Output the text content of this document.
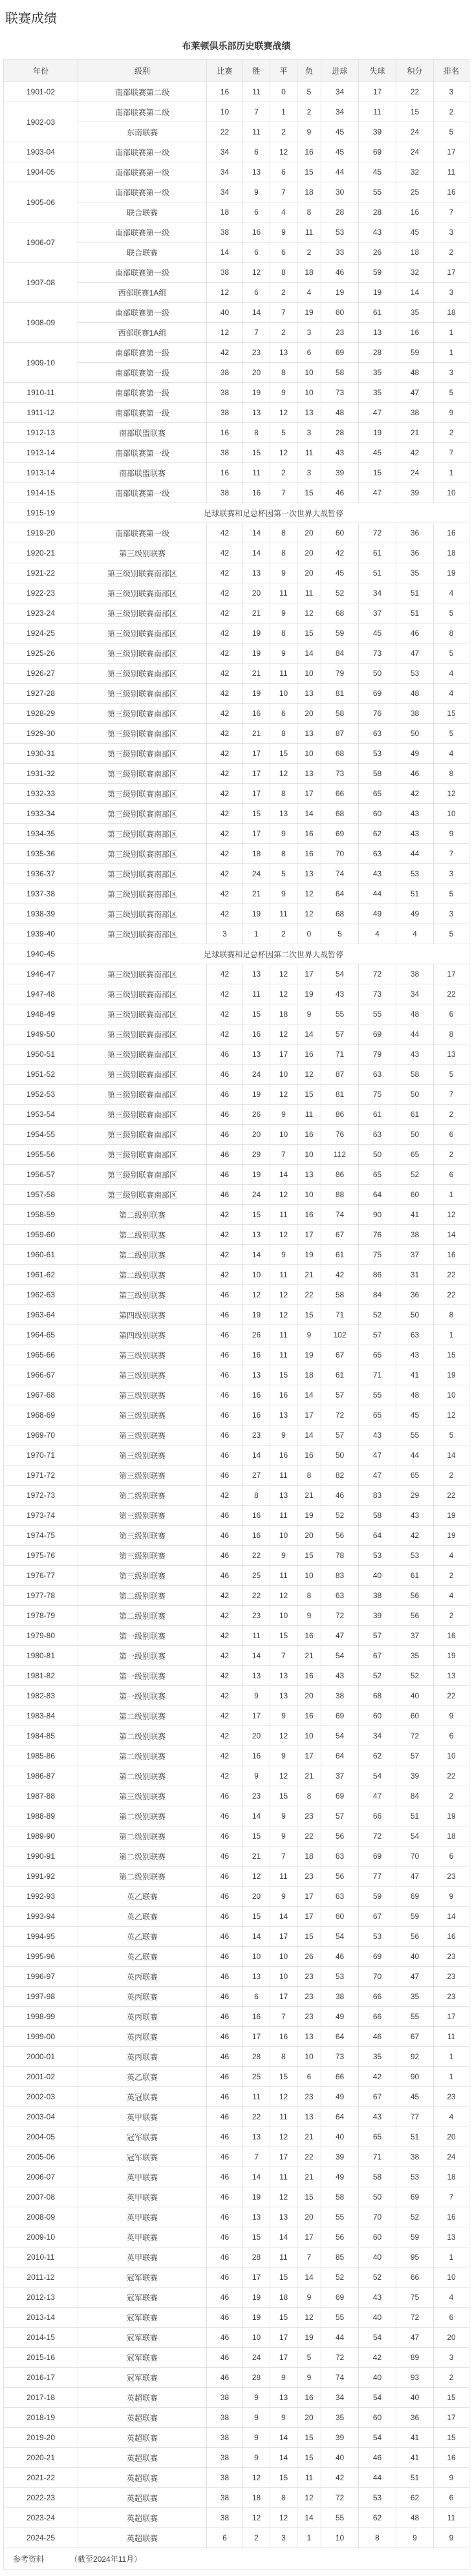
联赛成绩
布莱顿俱乐部历史联赛战绩
年份	级别	比赛	胜	平	负	进球	失球	积分	排名
1901-02	南部联赛第二级	16	11	0	5	34	17	22	3
1902-03	南部联赛第二级	10	7	1	2	34	11	15	2
	东南联赛	22	11	2	9	45	39	24	5
1903-04	南部联赛第一级	34	6	12	16	45	69	24	17
1904-05	南部联赛第一级	34	13	6	15	44	45	32	11
1905-06	南部联赛第一级	34	9	7	18	30	55	25	16
	联合联赛	18	6	4	8	28	28	16	7
1906-07	南部联赛第一级	38	16	9	11	53	43	45	3
	联合联赛	14	6	6	2	33	26	18	2
1907-08	南部联赛第一级	38	12	8	18	46	59	32	17
	西部联赛1A组	12	6	2	4	19	19	14	3
1908-09	南部联赛第一级	40	14	7	19	60	61	35	18
	西部联赛1A组	12	7	2	3	23	13	16	1
1909-10	南部联赛第一级	42	23	13	6	69	28	59	1
	南部联赛第一级	38	20	8	10	58	35	48	3
1910-11	南部联赛第一级	38	19	9	10	73	35	47	5
1911-12	南部联赛第一级	38	13	12	13	48	47	38	9
1912-13	南部联盟联赛	16	8	5	3	28	19	21	2
1913-14	南部联赛第一级	38	15	12	11	43	45	42	7
1913-14	南部联盟联赛	16	11	2	3	39	15	24	1
1914-15	南部联赛第一级	38	16	7	15	46	47	39	10
1915-19	足球联赛和足总杯因第一次世界大战暂停								
1919-20	南部联赛第一级	42	14	8	20	60	72	36	16
1920-21	第三级别联赛	42	14	8	20	42	61	36	18
1921-22	第三级别联赛南部区	42	13	9	20	45	51	35	19
1922-23	第三级别联赛南部区	42	20	11	11	52	34	51	4
1923-24	第三级别联赛南部区	42	21	9	12	68	37	51	5
1924-25	第三级别联赛南部区	42	19	8	15	59	45	46	8
1925-26	第三级别联赛南部区	42	19	9	14	84	73	47	5
1926-27	第三级别联赛南部区	42	21	11	10	79	50	53	4
1927-28	第三级别联赛南部区	42	19	10	13	81	69	48	4
1928-29	第三级别联赛南部区	42	16	6	20	58	76	38	15
1929-30	第三级别联赛南部区	42	21	8	13	87	63	50	5
1930-31	第三级别联赛南部区	42	17	15	10	68	53	49	4
1931-32	第三级别联赛南部区	42	17	12	13	73	58	46	8
1932-33	第三级别联赛南部区	42	17	8	17	66	65	42	12
1933-34	第三级别联赛南部区	42	15	13	14	68	60	43	10
1934-35	第三级别联赛南部区	42	17	9	16	69	62	43	9
1935-36	第三级别联赛南部区	42	18	8	16	70	63	44	7
1936-37	第三级别联赛南部区	42	24	5	13	74	43	53	3
1937-38	第三级别联赛南部区	42	21	9	12	64	44	51	5
1938-39	第三级别联赛南部区	42	19	11	12	68	49	49	3
1939-40	第三级别联赛南部区	3	1	2	0	5	4	4	5
1940-45	足球联赛和足总杯因第二次世界大战暂停								
1946-47	第三级别联赛南部区	42	13	12	17	54	72	38	17
1947-48	第三级别联赛南部区	42	11	12	19	43	73	34	22
1948-49	第三级别联赛南部区	42	15	18	9	55	55	48	6
1949-50	第三级别联赛南部区	42	16	12	14	57	69	44	8
1950-51	第三级别联赛南部区	46	13	17	16	71	79	43	13
1951-52	第三级别联赛南部区	46	24	10	12	87	63	58	5
1952-53	第三级别联赛南部区	46	19	12	15	81	75	50	7
1953-54	第三级别联赛南部区	46	26	9	11	86	61	61	2
1954-55	第三级别联赛南部区	46	20	10	16	76	63	50	6
1955-56	第三级别联赛南部区	46	29	7	10	112	50	65	2
1956-57	第三级别联赛南部区	46	19	14	13	86	65	52	6
1957-58	第三级别联赛南部区	46	24	12	10	88	64	60	1
1958-59	第二级别联赛	42	15	11	16	74	90	41	12
1959-60	第二级别联赛	42	13	12	17	67	76	38	14
1960-61	第二级别联赛	42	14	9	19	61	75	37	16
1961-62	第二级别联赛	42	10	11	21	42	86	31	22
1962-63	第三级别联赛	46	12	12	22	58	84	36	22
1963-64	第四级别联赛	46	19	12	15	71	52	50	8
1964-65	第四级别联赛	46	26	11	9	102	57	63	1
1965-66	第三级别联赛	46	16	11	19	67	65	43	15
1966-67	第三级别联赛	46	13	15	18	61	71	41	19
1967-68	第三级别联赛	46	16	16	14	57	55	48	10
1968-69	第三级别联赛	46	16	13	17	72	65	45	12
1969-70	第三级别联赛	46	23	9	14	57	43	55	5
1970-71	第三级别联赛	46	14	16	16	50	47	44	14
1971-72	第三级别联赛	46	27	11	8	82	47	65	2
1972-73	第二级别联赛	42	8	13	21	46	83	29	22
1973-74	第三级别联赛	46	16	11	19	52	58	43	19
1974-75	第三级别联赛	46	16	10	20	56	64	42	19
1975-76	第三级别联赛	46	22	9	15	78	53	53	4
1976-77	第三级别联赛	46	25	11	10	83	40	61	2
1977-78	第二级别联赛	42	22	12	8	63	38	56	4
1978-79	第二级别联赛	42	23	10	9	72	39	56	2
1979-80	第一级别联赛	42	11	15	16	47	57	37	16
1980-81	第一级别联赛	42	14	7	21	54	67	35	19
1981-82	第一级别联赛	42	13	13	16	43	52	52	13
1982-83	第一级别联赛	42	9	13	20	38	68	40	22
1983-84	第二级别联赛	42	17	9	16	69	60	60	9
1984-85	第二级别联赛	42	20	12	10	54	34	72	6
1985-86	第二级别联赛	42	16	9	17	64	62	57	10
1986-87	第二级别联赛	42	9	12	21	37	54	39	22
1987-88	第三级别联赛	46	23	15	8	69	47	84	2
1988-89	第二级别联赛	46	14	9	23	57	66	51	19
1989-90	第二级别联赛	46	15	9	22	56	72	54	18
1990-91	第二级别联赛	46	21	7	18	63	69	70	6
1991-92	第二级别联赛	46	12	11	23	56	77	47	23
1992-93	英乙联赛	46	20	9	17	63	59	69	9
1993-94	英乙联赛	46	15	14	17	60	67	59	14
1994-95	英乙联赛	46	14	17	15	54	53	56	16
1995-96	英乙联赛	46	10	10	26	46	69	40	23
1996-97	英丙联赛	46	13	10	23	53	70	47	23
1997-98	英丙联赛	46	6	17	23	38	66	35	23
1998-99	英丙联赛	46	16	7	23	49	66	55	17
1999-00	英丙联赛	46	17	16	13	64	46	67	11
2000-01	英丙联赛	46	28	8	10	73	35	92	1
2001-02	英乙联赛	46	25	15	6	66	42	90	1
2002-03	英冠联赛	46	11	12	23	49	67	45	23
2003-04	英甲联赛	46	22	11	13	64	43	77	4
2004-05	冠军联赛	46	13	12	21	40	65	51	20
2005-06	冠军联赛	46	7	17	22	39	71	38	24
2006-07	英甲联赛	46	14	11	21	49	58	53	18
2007-08	英甲联赛	46	19	12	15	58	50	69	7
2008-09	英甲联赛	46	13	13	20	55	70	52	16
2009-10	英甲联赛	46	15	14	17	56	60	59	13
2010-11	英甲联赛	46	28	11	7	85	40	95	1
2011-12	冠军联赛	46	17	15	14	52	52	66	10
2012-13	冠军联赛	46	19	18	9	69	43	75	4
2013-14	冠军联赛	46	19	15	12	55	40	72	6
2014-15	冠军联赛	46	10	17	19	44	54	47	20
2015-16	冠军联赛	46	24	17	5	72	42	89	3
2016-17	冠军联赛	46	28	9	9	74	40	93	2
2017-18	英超联赛	38	9	13	16	34	54	40	15
2018-19	英超联赛	38	9	9	20	35	60	36	17
2019-20	英超联赛	38	9	14	15	39	54	41	15
2020-21	英超联赛	38	9	14	15	40	46	41	16
2021-22	英超联赛	38	12	15	11	42	44	51	9
2022-23	英超联赛	38	18	8	12	72	53	62	6
2023-24	英超联赛	38	12	12	14	55	62	48	11
2024-25	英超联赛	6	2	3	1	10	8	9	9
参考资料 （截至2024年11月）									
